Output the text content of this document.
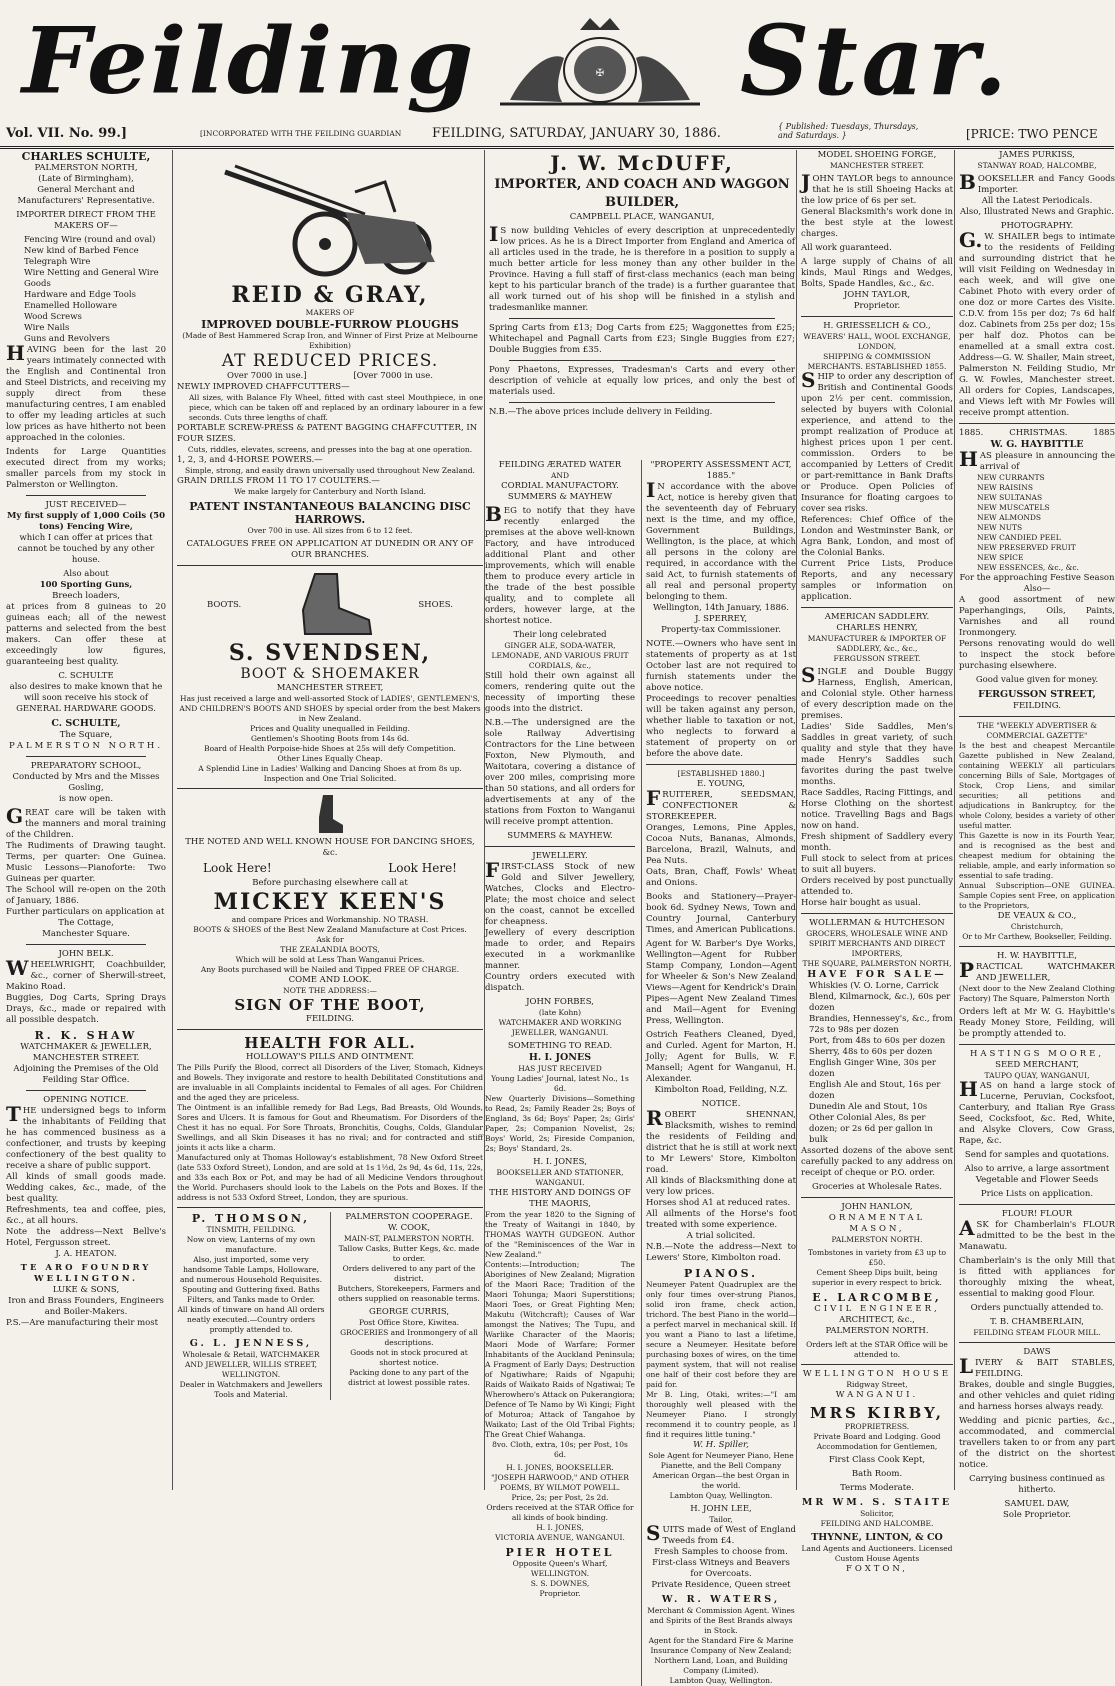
Feilding	✠ Star.
Vol. VII. No. 99.]	[INCORPORATED WITH THE FEILDING GUARDIAN FEILDING, SATURDAY, JANUARY 30, 1886.	{ Published: Tuesdays, Thursdays, and Saturdays. }	[PRICE: TWO PENCE
CHARLES SCHULTE,
PALMERSTON NORTH,
(Late of Birmingham),
General Merchant and Manufacturers' Representative.
IMPORTER DIRECT FROM THE MAKERS OF—
Fencing Wire (round and oval)
New kind of Barbed Fence
Telegraph Wire
Wire Netting and General Wire Goods
Hardware and Edge Tools
Enamelled Holloware
Wood Screws
Wire Nails
Guns and Revolvers
HAVING been for the last 20 years intimately connected with the English and Continental Iron and Steel Districts, and receiving my supply direct from these manufacturing centres, I am enabled to offer my leading articles at such low prices as have hitherto not been approached in the colonies.
Indents for Large Quantities executed direct from my works; smaller parcels from my stock in Palmerston or Wellington.
JUST RECEIVED—
My first supply of 1,000 Coils (50 tons) Fencing Wire,
which I can offer at prices that cannot be touched by any other house.
Also about
100 Sporting Guns,
Breech loaders,
at prices from 8 guineas to 20 guineas each; all of the newest patterns and selected from the best makers. Can offer these at exceedingly low figures, guaranteeing best quality.
C. SCHULTE
also desires to make known that he will soon receive his stock of
GENERAL HARDWARE GOODS.
C. SCHULTE,
The Square,
PALMERSTON NORTH.
PREPARATORY SCHOOL,
Conducted by Mrs and the Misses Gosling,
is now open.
GREAT care will be taken with the manners and moral training of the Children.
The Rudiments of Drawing taught. Terms, per quarter: One Guinea. Music Lessons—Pianoforte: Two Guineas per quarter.
The School will re-open on the 20th of January, 1886.
Further particulars on application at
The Cottage,
Manchester Square.
JOHN BELK.
WHEELWRIGHT, Coachbuilder, &c., corner of Sherwill-street, Makino Road.
Buggies, Dog Carts, Spring Drays Drays, &c., made or repaired with all possible despatch.
R. K. SHAW
WATCHMAKER & JEWELLER,
MANCHESTER STREET.
Adjoining the Premises of the Old Feilding Star Office.
OPENING NOTICE.
THE undersigned begs to inform the inhabitants of Feilding that he has commenced business as a confectioner, and trusts by keeping confectionery of the best quality to receive a share of public support.
All kinds of small goods made. Wedding cakes, &c., made, of the best quality.
Refreshments, tea and coffee, pies, &c., at all hours.
Note the address—Next Bellve's Hotel, Fergusson street.
J. A. HEATON.
TE ARO FOUNDRY WELLINGTON.
LUKE & SONS,
Iron and Brass Founders, Engineers and Boiler-Makers.
P.S.—Are manufacturing their most
REID & GRAY,
MAKERS OF
IMPROVED DOUBLE-FURROW PLOUGHS
(Made of Best Hammered Scrap Iron, and Winner of First Prize at Melbourne Exhibition)
AT REDUCED PRICES.
Over 7000 in use.]	[Over 7000 in use.
NEWLY IMPROVED CHAFFCUTTERS—
All sizes, with Balance Fly Wheel, fitted with cast steel Mouthpiece, in one piece, which can be taken off and replaced by an ordinary labourer in a few seconds. Cuts three lengths of chaff.
PORTABLE SCREW-PRESS & PATENT BAGGING CHAFFCUTTER, IN FOUR SIZES.
Cuts, riddles, elevates, screens, and presses into the bag at one operation.
1, 2, 3, and 4-HORSE POWERS.—
Simple, strong, and easily drawn universally used throughout New Zealand.
GRAIN DRILLS FROM 11 TO 17 COULTERS.—
We make largely for Canterbury and North Island.
PATENT INSTANTANEOUS BALANCING DISC HARROWS.
Over 700 in use. All sizes from 6 to 12 feet.
CATALOGUES FREE ON APPLICATION AT DUNEDIN OR ANY OF OUR BRANCHES.
BOOTS.	SHOES.
S. SVENDSEN,
BOOT & SHOEMAKER
MANCHESTER STREET,
Has just received a large and well-assorted Stock of LADIES', GENTLEMEN'S, AND CHILDREN'S BOOTS AND SHOES by special order from the best Makers in New Zealand.
Prices and Quality unequalled in Feilding.
Gentlemen's Shooting Boots from 14s 6d.
Board of Health Porpoise-hide Shoes at 25s will defy Competition.
Other Lines Equally Cheap.
A Splendid Line in Ladies' Walking and Dancing Shoes at from 8s up.
Inspection and One Trial Solicited.
THE NOTED AND WELL KNOWN HOUSE FOR DANCING SHOES, &c.
Look Here!	Look Here!
Before purchasing elsewhere call at
MICKEY KEEN'S
and compare Prices and Workmanship. NO TRASH.
BOOTS & SHOES of the Best New Zealand Manufacture at Cost Prices.
Ask for
THE ZEALANDIA BOOTS,
Which will be sold at Less Than Wanganui Prices.
Any Boots purchased will be Nailed and Tipped FREE OF CHARGE.
COME AND LOOK.
NOTE THE ADDRESS:—
SIGN OF THE BOOT,
FEILDING.
HEALTH FOR ALL.
HOLLOWAY'S PILLS AND OINTMENT.
The Pills Purify the Blood, correct all Disorders of the Liver, Stomach, Kidneys and Bowels. They invigorate and restore to health Debilitated Constitutions and are invaluable in all Complaints incidental to Females of all ages. For Children and the aged they are priceless.
The Ointment is an infallible remedy for Bad Legs, Bad Breasts, Old Wounds, Sores and Ulcers. It is famous for Gout and Rheumatism. For Disorders of the Chest it has no equal. For Sore Throats, Bronchitis, Coughs, Colds, Glandular Swellings, and all Skin Diseases it has no rival; and for contracted and stiff joints it acts like a charm.
Manufactured only at Thomas Holloway's establishment, 78 New Oxford Street (late 533 Oxford Street), London, and are sold at 1s 1½d, 2s 9d, 4s 6d, 11s, 22s, and 33s each Box or Pot, and may be had of all Medicine Vendors throughout the World. Purchasers should look to the Labels on the Pots and Boxes. If the address is not 533 Oxford Street, London, they are spurious.
P. THOMSON,
TINSMITH, FEILDING.
Now on view, Lanterns of my own manufacture.
Also, just imported, some very handsome Table Lamps, Holloware, and numerous Household Requisites.
Spouting and Guttering fixed. Baths Filters, and Tanks made to Order.
All kinds of tinware on hand All orders neatly executed.—Country orders promptly attended to.
G. L. JENNESS,
Wholesale & Retail, WATCHMAKER AND JEWELLER, WILLIS STREET, WELLINGTON.
Dealer in Watchmakers and Jewellers Tools and Material.
PALMERSTON COOPERAGE.
W. COOK,
MAIN-ST, PALMERSTON NORTH.
Tallow Casks, Butter Kegs, &c. made to order.
Orders delivered to any part of the district.
Butchers, Storekeepers, Farmers and others supplied on reasonable terms.
GEORGE CURRIS,
Post Office Store, Kiwitea.
GROCERIES and Ironmongery of all descriptions.
Goods not in stock procured at shortest notice.
Packing done to any part of the district at lowest possible rates.
J. W. McDUFF,
IMPORTER, AND COACH AND WAGGON BUILDER,
CAMPBELL PLACE, WANGANUI,
IS now building Vehicles of every description at unprecedentedly low prices. As he is a Direct Importer from England and America of all articles used in the trade, he is therefore in a position to supply a much better article for less money than any other builder in the Province. Having a full staff of first-class mechanics (each man being kept to his particular branch of the trade) is a further guarantee that all work turned out of his shop will be finished in a stylish and tradesmanlike manner.
Spring Carts from £13; Dog Carts from £25; Waggonettes from £25; Whitechapel and Pagnall Carts from £23; Single Buggies from £27; Double Buggies from £35.
Pony Phaetons, Expresses, Tradesman's Carts and every other description of vehicle at equally low prices, and only the best of materials used.
N.B.—The above prices include delivery in Feilding.
FEILDING ÆRATED WATER
AND
CORDIAL MANUFACTORY.
SUMMERS & MAYHEW
BEG to notify that they have recently enlarged the premises at the above well-known Factory, and have introduced additional Plant and other improvements, which will enable them to produce every article in the trade of the best possible quality, and to complete all orders, however large, at the shortest notice.
Their long celebrated
GINGER ALE, SODA-WATER, LEMONADE, AND VARIOUS FRUIT CORDIALS, &c.,
Still hold their own against all comers, rendering quite out the necessity of importing these goods into the district.
N.B.—The undersigned are the sole Railway Advertising Contractors for the Line between Foxton, New Plymouth, and Waitotara, covering a distance of over 200 miles, comprising more than 50 stations, and all orders for advertisements at any of the stations from Foxton to Wanganui will receive prompt attention.
SUMMERS & MAYHEW.
JEWELLERY.
FIRST-CLASS Stock of new Gold and Silver Jewellery, Watches, Clocks and Electro-Plate; the most choice and select on the coast, cannot be excelled for cheapness.
Jewellery of every description made to order, and Repairs executed in a workmanlike manner.
Country orders executed with dispatch.
JOHN FORBES,
(late Kohn)
WATCHMAKER AND WORKING JEWELLER, WANGANUI.
SOMETHING TO READ.
H. I. JONES
HAS JUST RECEIVED
Young Ladies' Journal, latest No., 1s 6d.
New Quarterly Divisions—Something to Read, 2s; Family Reader 2s; Boys of England, 3s 6d; Boys' Paper, 2s; Girls' Paper, 2s; Companion Novelist, 2s; Boys' World, 2s; Fireside Companion, 2s; Boys' Standard, 2s.
H. I. JONES,
BOOKSELLER AND STATIONER, WANGANUI.
THE HISTORY AND DOINGS OF THE MAORIS,
From the year 1820 to the Signing of the Treaty of Waitangi in 1840, by THOMAS WAYTH GUDGEON. Author of the "Reminiscences of the War in New Zealand."
Contents:—Introduction; The Aborigines of New Zealand; Migration of the Maori Race; Tradition of the Maori Tohunga; Maori Superstitions; Maori Toes, or Great Fighting Men; Makutu (Witchcraft); Causes of War amongst the Natives; The Tupu, and Warlike Character of the Maoris; Maori Mode of Warfare; Former Inhabitants of the Auckland Peninsula; A Fragment of Early Days; Destruction of Ngatiwhare; Raids of Ngapuhi; Raids of Waikato Raids of Ngatiwai; Te Wherowhero's Attack on Pukerangiora; Defence of Te Namo by Wi Kingi; Fight of Moturoa; Attack of Tangahoe by Waikato; Last of the Old Tribal Fights; The Great Chief Wahanga.
8vo. Cloth, extra, 10s; per Post, 10s 6d.
H. I. JONES, BOOKSELLER.
"JOSEPH HARWOOD," AND OTHER POEMS, BY WILMOT POWELL.
Price, 2s; per Post, 2s 2d.
Orders received at the STAR Office for all kinds of book binding.
H. I. JONES,
VICTORIA AVENUE, WANGANUI.
PIER HOTEL
Opposite Queen's Wharf, WELLINGTON.
S. S. DOWNES,
Proprietor.
"PROPERTY ASSESSMENT ACT, 1885."
IN accordance with the above Act, notice is hereby given that the seventeenth day of February next is the time, and my office, Government Buildings, Wellington, is the place, at which all persons in the colony are required, in accordance with the said Act, to furnish statements of all real and personal property belonging to them.
Wellington, 14th January, 1886.
J. SPERREY,
Property-tax Commissioner.
NOTE.—Owners who have sent in statements of property as at 1st October last are not required to furnish statements under the above notice.
Proceedings to recover penalties will be taken against any person, whether liable to taxation or not, who neglects to forward a statement of property on or before the above date.
[ESTABLISHED 1880.]
E. YOUNG,
FRUITERER, SEEDSMAN, CONFECTIONER & STOREKEEPER.
Oranges, Lemons, Pine Apples, Cocoa Nuts, Bananas, Almonds, Barcelona, Brazil, Walnuts, and Pea Nuts.
Oats, Bran, Chaff, Fowls' Wheat and Onions.
Books and Stationery—Prayer-book 6d. Sydney News, Town and Country Journal, Canterbury Times, and American Publications.
Agent for W. Barber's Dye Works, Wellington—Agent for Rubber Stamp Company, London—Agent for Wheeler & Son's New Zealand Views—Agent for Kendrick's Drain Pipes—Agent New Zealand Times and Mail—Agent for Evening Press, Wellington.
Ostrich Feathers Cleaned, Dyed, and Curled. Agent for Marton, H. Jolly; Agent for Bulls, W. F. Mansell; Agent for Wanganui, H. Alexander.
Kimbolton Road, Feilding, N.Z.
NOTICE.
ROBERT SHENNAN, Blacksmith, wishes to remind the residents of Feilding and district that he is still at work next to Mr Lewers' Store, Kimbolton road.
All kinds of Blacksmithing done at very low prices.
Horses shod A1 at reduced rates.
All ailments of the Horse's foot treated with some experience.
A trial solicited.
N.B.—Note the address—Next to Lewers' Store, Kimbolton road.
PIANOS.
Neumeyer Patent Quadruplex are the only four times over-strung Pianos, solid iron frame, check action, trichord. The best Piano in the world—a perfect marvel in mechanical skill. If you want a Piano to last a lifetime, secure a Neumeyer. Hesitate before purchasing boxes of wires, on the time payment system, that will not realise one half of their cost before they are paid for.
Mr B. Ling, Otaki, writes:—"I am thoroughly well pleased with the Neumeyer Piano. I strongly recommend it to country people, as I find it requires little tuning."
W. H. Spiller,
Sole Agent for Neumeyer Piano, Hene Pianette, and the Bell Company American Organ—the best Organ in the world.
Lambton Quay, Wellington.
H. JOHN LEE,
Tailor,
SUITS made of West of England Tweeds from £4.
Fresh Samples to choose from.
First-class Witneys and Beavers for Overcoats.
Private Residence, Queen street
W. R. WATERS,
Merchant & Commission Agent. Wines and Spirits of the Best Brands always in Stock.
Agent for the Standard Fire & Marine Insurance Company of New Zealand; Northern Land, Loan, and Building Company (Limited).
Lambton Quay, Wellington.
MODEL SHOEING FORGE,
MANCHESTER STREET.
JOHN TAYLOR begs to announce that he is still Shoeing Hacks at the low price of 6s per set.
General Blacksmith's work done in the best style at the lowest charges.
All work guaranteed.
A large supply of Chains of all kinds, Maul Rings and Wedges, Bolts, Spade Handles, &c., &c.
JOHN TAYLOR,
Proprietor.
H. GRIESSELICH & CO.,
WEAVERS' HALL, WOOL EXCHANGE, LONDON,
SHIPPING & COMMISSION MERCHANTS. ESTABLISHED 1855.
SHIP to order any description of British and Continental Goods upon 2½ per cent. commission, selected by buyers with Colonial experience, and attend to the prompt realization of Produce at highest prices upon 1 per cent. commission. Orders to be accompanied by Letters of Credit or part-remittance in Bank Drafts or Produce. Open Policies of Insurance for floating cargoes to cover sea risks.
References: Chief Office of the London and Westminster Bank, or Agra Bank, London, and most of the Colonial Banks.
Current Price Lists, Produce Reports, and any necessary samples or information on application.
AMERICAN SADDLERY.
CHARLES HENRY,
MANUFACTURER & IMPORTER OF SADDLERY, &c., &c.,
FERGUSSON STREET.
SINGLE and Double Buggy Harness, English, American, and Colonial style. Other harness of every description made on the premises.
Ladies' Side Saddles, Men's Saddles in great variety, of such quality and style that they have made Henry's Saddles such favorites during the past twelve months.
Race Saddles, Racing Fittings, and Horse Clothing on the shortest notice. Travelling Bags and Bags now on hand.
Fresh shipment of Saddlery every month.
Full stock to select from at prices to suit all buyers.
Orders received by post punctually attended to.
Horse hair bought as usual.
WOLLERMAN & HUTCHESON
GROCERS, WHOLESALE WINE AND SPIRIT MERCHANTS AND DIRECT IMPORTERS,
THE SQUARE, PALMERSTON NORTH,
HAVE FOR SALE—
Whiskies (V. O. Lorne, Carrick Blend, Kilmarnock, &c.), 60s per dozen
Brandies, Hennessey's, &c., from 72s to 98s per dozen
Port, from 48s to 60s per dozen
Sherry, 48s to 60s per dozen
English Ginger Wine, 30s per dozen
English Ale and Stout, 16s per dozen
Dunedin Ale and Stout, 10s
Other Colonial Ales, 8s per dozen; or 2s 6d per gallon in bulk
Assorted dozens of the above sent carefully packed to any address on receipt of cheque or P.O. order.
Groceries at Wholesale Rates.
JOHN HANLON,
ORNAMENTAL MASON,
PALMERSTON NORTH.
Tombstones in variety from £3 up to £50.
Cement Sheep Dips built, being superior in every respect to brick.
E. LARCOMBE,
CIVIL ENGINEER,
ARCHITECT, &c.,
PALMERSTON NORTH.
Orders left at the STAR Office will be attended to.
WELLINGTON HOUSE
Ridgway Street,
WANGANUI.
MRS KIRBY,
PROPRIETRESS.
Private Board and Lodging. Good Accommodation for Gentlemen,
First Class Cook Kept,
Bath Room.
Terms Moderate.
MR WM. S. STAITE
Solicitor,
FEILDING AND HALCOMBE.
THYNNE, LINTON, & CO
Land Agents and Auctioneers. Licensed Custom House Agents
FOXTON,
JAMES PURKISS,
STANWAY ROAD, HALCOMBE,
BOOKSELLER and Fancy Goods Importer.
All the Latest Periodicals.
Also, Illustrated News and Graphic.
PHOTOGRAPHY.
G.W. SHAILER begs to intimate to the residents of Feilding and surrounding district that he will visit Feilding on Wednesday in each week, and will give one Cabinet Photo with every order of one doz or more Cartes des Visite. C.D.V. from 15s per doz; 7s 6d half doz. Cabinets from 25s per doz; 15s per half doz. Photos can be enamelled at a small extra cost. Address—G. W. Shailer, Main street, Palmerston N. Feilding Studio, Mr G. W. Fowles, Manchester street. All orders for Copies, Landscapes, and Views left with Mr Fowles will receive prompt attention.
1885.	CHRISTMAS.	1885
W. G. HAYBITTLE
HAS pleasure in announcing the arrival of
NEW CURRANTS
NEW RAISINS
NEW SULTANAS
NEW MUSCATELS
NEW ALMONDS
NEW NUTS
NEW CANDIED PEEL
NEW PRESERVED FRUIT
NEW SPICE
NEW ESSENCES, &c., &c.
For the approaching Festive Season
Also—
A good assortment of new Paperhangings, Oils, Paints, Varnishes and all round Ironmongery.
Persons renovating would do well to inspect the stock before purchasing elsewhere.
Good value given for money.
FERGUSSON STREET,
FEILDING.
THE "WEEKLY ADVERTISER & COMMERCIAL GAZETTE"
Is the best and cheapest Mercantile Gazette published in New Zealand, containing WEEKLY all particulars concerning Bills of Sale, Mortgages of Stock, Crop Liens, and similar securities; all petitions and adjudications in Bankruptcy, for the whole Colony, besides a variety of other useful matter.
This Gazette is now in its Fourth Year, and is recognised as the best and cheapest medium for obtaining the reliable, ample, and early information so essential to safe trading.
Annual Subscription—ONE GUINEA. Sample Copies sent Free, on application to the Proprietors,
DE VEAUX & CO.,
Christchurch,
Or to Mr Carthew, Bookseller, Feilding.
H. W. HAYBITTLE,
PRACTICAL WATCHMAKER AND JEWELLER,
(Next door to the New Zealand Clothing Factory) The Square, Palmerston North
Orders left at Mr W. G. Haybittle's Ready Money Store, Feilding, will be promptly attended to.
HASTINGS MOORE,
SEED MERCHANT,
TAUPO QUAY, WANGANUI,
HAS on hand a large stock of Lucerne, Peruvian, Cocksfoot, Canterbury, and Italian Rye Grass Seed, Cocksfoot, &c. Red, White, and Alsyke Clovers, Cow Grass, Rape, &c.
Send for samples and quotations.
Also to arrive, a large assortment Vegetable and Flower Seeds
Price Lists on application.
FLOUR! FLOUR
ASK for Chamberlain's FLOUR admitted to be the best in the Manawatu.
Chamberlain's is the only Mill that is fitted with appliances for thoroughly mixing the wheat, essential to making good Flour.
Orders punctually attended to.
T. B. CHAMBERLAIN,
FEILDING STEAM FLOUR MILL.
DAWS
LIVERY & BAIT STABLES, FEILDING.
Brakes, double and single Buggies, and other vehicles and quiet riding and harness horses always ready.
Wedding and picnic parties, &c., accommodated, and commercial travellers taken to or from any part of the district on the shortest notice.
Carrying business continued as hitherto.
SAMUEL DAW,
Sole Proprietor.
